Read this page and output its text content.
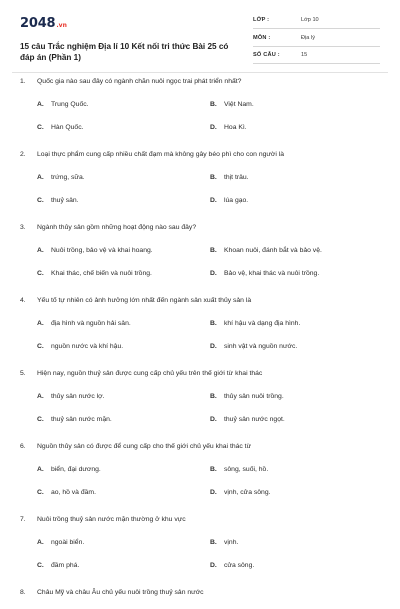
2048 .vn
15 câu Trắc nghiệm Địa lí 10 Kết nối tri thức Bài 25 có đáp án (Phần 1)
LỚP :	Lớp 10
MÔN :	Địa lý
SỐ CÂU :	15
1. Quốc gia nào sau đây có ngành chăn nuôi ngọc trai phát triển nhất?
A. Trung Quốc.	B. Việt Nam.
C. Hàn Quốc.	D. Hoa Kì.
2. Loại thực phẩm cung cấp nhiều chất đạm mà không gây béo phì cho con người là
A. trứng, sữa.	B. thịt trâu.
C. thuỷ sản.	D. lúa gạo.
3. Ngành thủy sản gồm những hoạt động nào sau đây?
A. Nuôi trồng, bảo vệ và khai hoang.	B. Khoan nuôi, đánh bắt và bảo vệ.
C. Khai thác, chế biến và nuôi trồng.	D. Bảo vệ, khai thác và nuôi trồng.
4. Yếu tố tự nhiên có ảnh hưởng lớn nhất đến ngành sản xuất thủy sản là
A. địa hình và nguồn hải sản.	B. khí hậu và dạng địa hình.
C. nguồn nước và khí hậu.	D. sinh vật và nguồn nước.
5. Hiện nay, nguồn thuỷ sản được cung cấp chủ yếu trên thế giới từ khai thác
A. thủy sản nước lợ.	B. thủy sản nuôi trồng.
C. thuỷ sản nước mặn.	D. thuỷ sản nước ngọt.
6. Nguồn thủy sản có được để cung cấp cho thế giới chủ yếu khai thác từ
A. biển, đại dương.	B. sông, suối, hồ.
C. ao, hồ và đầm.	D. vịnh, cửa sông.
7. Nuôi trồng thuỷ sản nước mặn thường ở khu vực
A. ngoài biển.	B. vịnh.
C. đầm phá.	D. cửa sông.
8. Châu Mỹ và châu Âu chủ yếu nuôi trồng thuỷ sản nước
